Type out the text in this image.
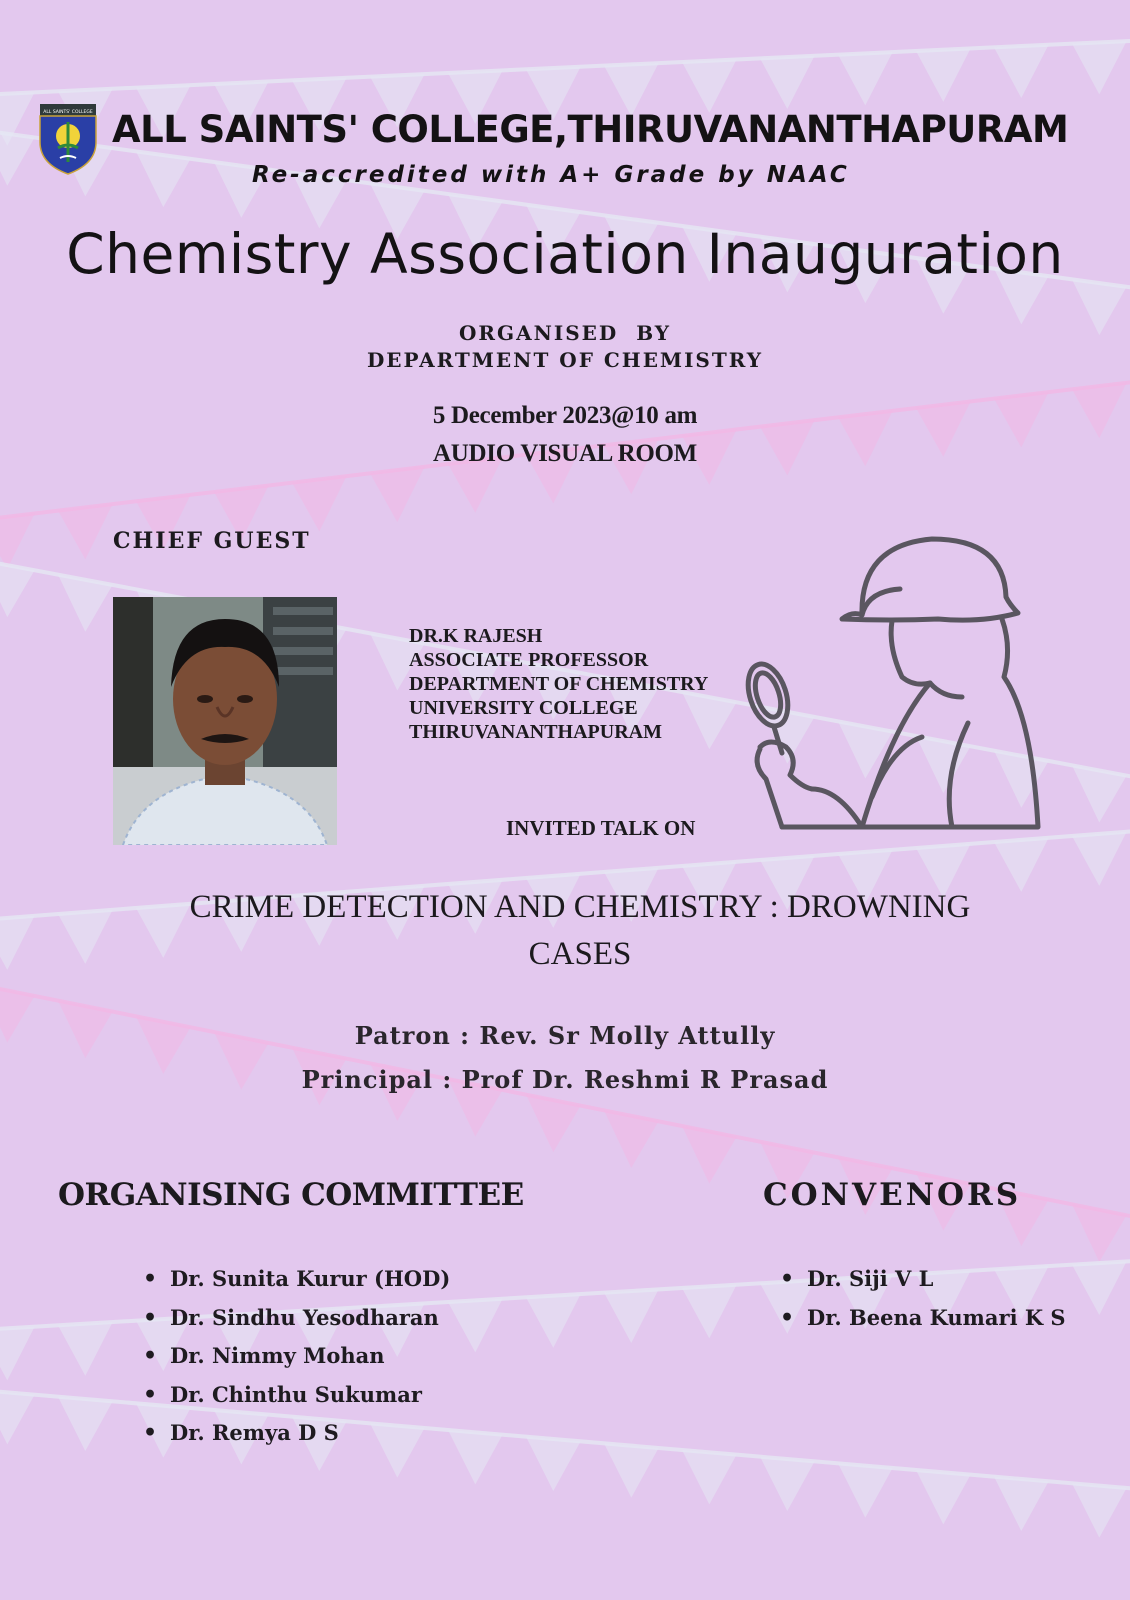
ALL SAINTS' COLLEGE ALL SAINTS' COLLEGE,THIRUVANANTHAPURAM
Re-accredited with A+ Grade by NAAC
Chemistry Association Inauguration
ORGANISED  BY
DEPARTMENT OF CHEMISTRY
5 December 2023@10 am
AUDIO VISUAL ROOM
CHIEF GUEST
DR.K RAJESH
ASSOCIATE PROFESSOR
DEPARTMENT OF CHEMISTRY
UNIVERSITY COLLEGE
THIRUVANANTHAPURAM
INVITED TALK ON
CRIME DETECTION AND CHEMISTRY : DROWNING
CASES
Patron : Rev. Sr Molly Attully
Principal : Prof Dr. Reshmi R Prasad
ORGANISING COMMITTEE	CONVENORS
• Dr. Sunita Kurur (HOD)
• Dr. Sindhu Yesodharan
• Dr. Nimmy Mohan
• Dr. Chinthu Sukumar
• Dr. Remya D S
• Dr. Siji V L
• Dr. Beena Kumari K S
